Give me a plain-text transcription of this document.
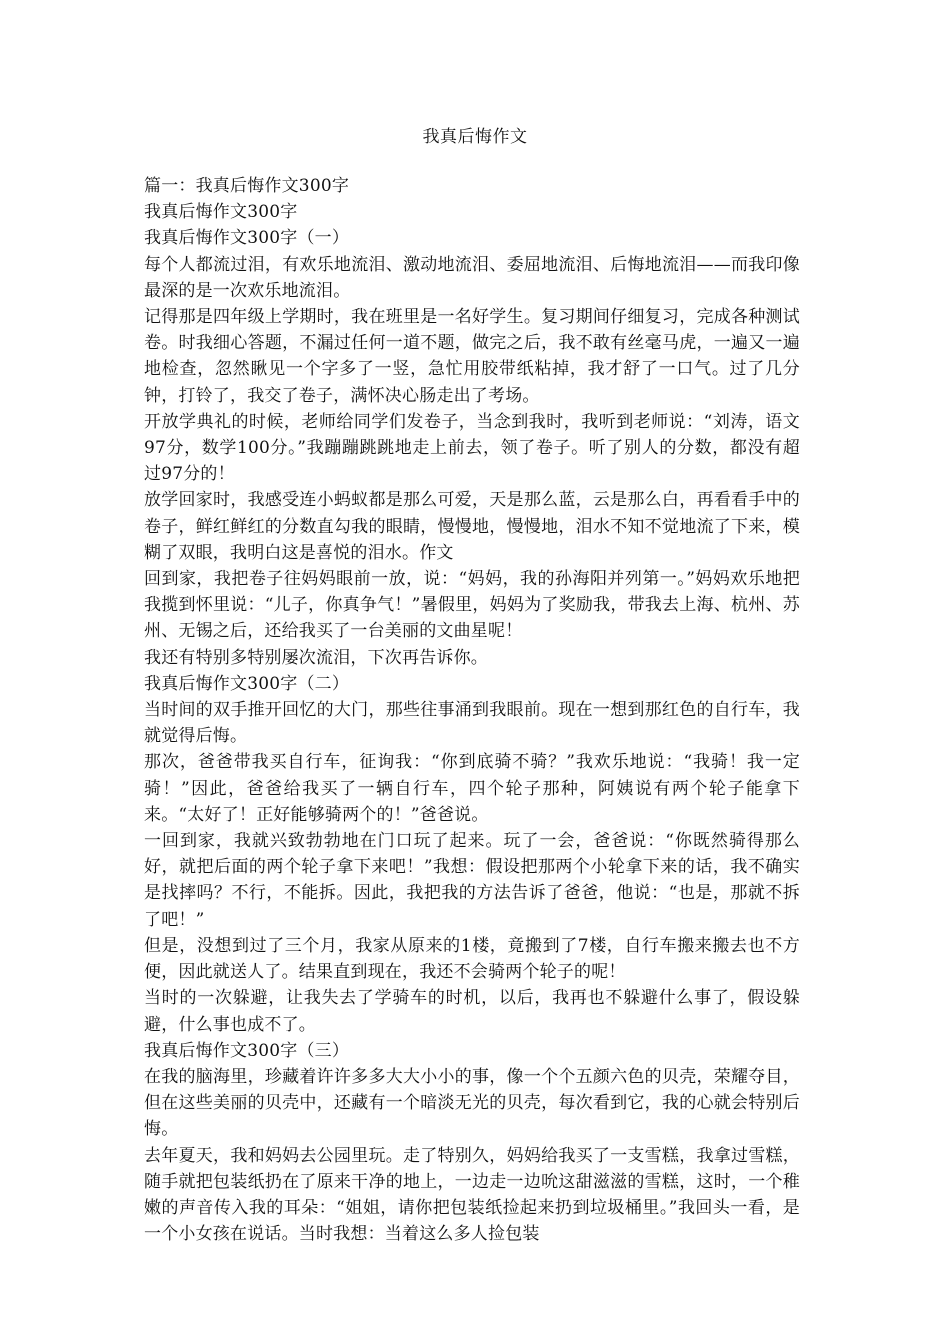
我真后悔作文

篇一：我真后悔作文300字

我真后悔作文300字

我真后悔作文300字（一）

每个人都流过泪，有欢乐地流泪、激动地流泪、委屈地流泪、后悔地流泪——而我印像最深的是一次欢乐地流泪。

记得那是四年级上学期时，我在班里是一名好学生。复习期间仔细复习，完成各种测试卷。时我细心答题，不漏过任何一道不题，做完之后，我不敢有丝毫马虎，一遍又一遍地检查，忽然瞅见一个字多了一竖，急忙用胶带纸粘掉，我才舒了一口气。过了几分钟，打铃了，我交了卷子，满怀决心肠走出了考场。

开放学典礼的时候，老师给同学们发卷子，当念到我时，我听到老师说：“刘涛，语文97分，数学100分。”我蹦蹦跳跳地走上前去，领了卷子。听了别人的分数，都没有超过97分的！

放学回家时，我感受连小蚂蚁都是那么可爱，天是那么蓝，云是那么白，再看看手中的卷子，鲜红鲜红的分数直勾我的眼睛，慢慢地，慢慢地，泪水不知不觉地流了下来，模糊了双眼，我明白这是喜悦的泪水。作文

回到家，我把卷子往妈妈眼前一放，说：“妈妈，我的孙海阳并列第一。”妈妈欢乐地把我揽到怀里说：“儿子，你真争气！”暑假里，妈妈为了奖励我，带我去上海、杭州、苏州、无锡之后，还给我买了一台美丽的文曲星呢！

我还有特别多特别屡次流泪，下次再告诉你。

我真后悔作文300字（二）

当时间的双手推开回忆的大门，那些往事涌到我眼前。现在一想到那红色的自行车，我就觉得后悔。

那次，爸爸带我买自行车，征询我：“你到底骑不骑？”我欢乐地说：“我骑！我一定骑！”因此，爸爸给我买了一辆自行车，四个轮子那种，阿姨说有两个轮子能拿下来。“太好了！正好能够骑两个的！”爸爸说。

一回到家，我就兴致勃勃地在门口玩了起来。玩了一会，爸爸说：“你既然骑得那么好，就把后面的两个轮子拿下来吧！”我想：假设把那两个小轮拿下来的话，我不确实是找摔吗？不行，不能拆。因此，我把我的方法告诉了爸爸，他说：“也是，那就不拆了吧！”

但是，没想到过了三个月，我家从原来的1楼，竟搬到了7楼，自行车搬来搬去也不方便，因此就送人了。结果直到现在，我还不会骑两个轮子的呢！

当时的一次躲避，让我失去了学骑车的时机，以后，我再也不躲避什么事了，假设躲避，什么事也成不了。

我真后悔作文300字（三）

在我的脑海里，珍藏着许许多多大大小小的事，像一个个五颜六色的贝壳，荣耀夺目，但在这些美丽的贝壳中，还藏有一个暗淡无光的贝壳，每次看到它，我的心就会特别后悔。

去年夏天，我和妈妈去公园里玩。走了特别久，妈妈给我买了一支雪糕，我拿过雪糕，随手就把包装纸扔在了原来干净的地上，一边走一边吮这甜滋滋的雪糕，这时，一个稚嫩的声音传入我的耳朵：“姐姐，请你把包装纸捡起来扔到垃圾桶里。”我回头一看，是一个小女孩在说话。当时我想：当着这么多人捡包装
